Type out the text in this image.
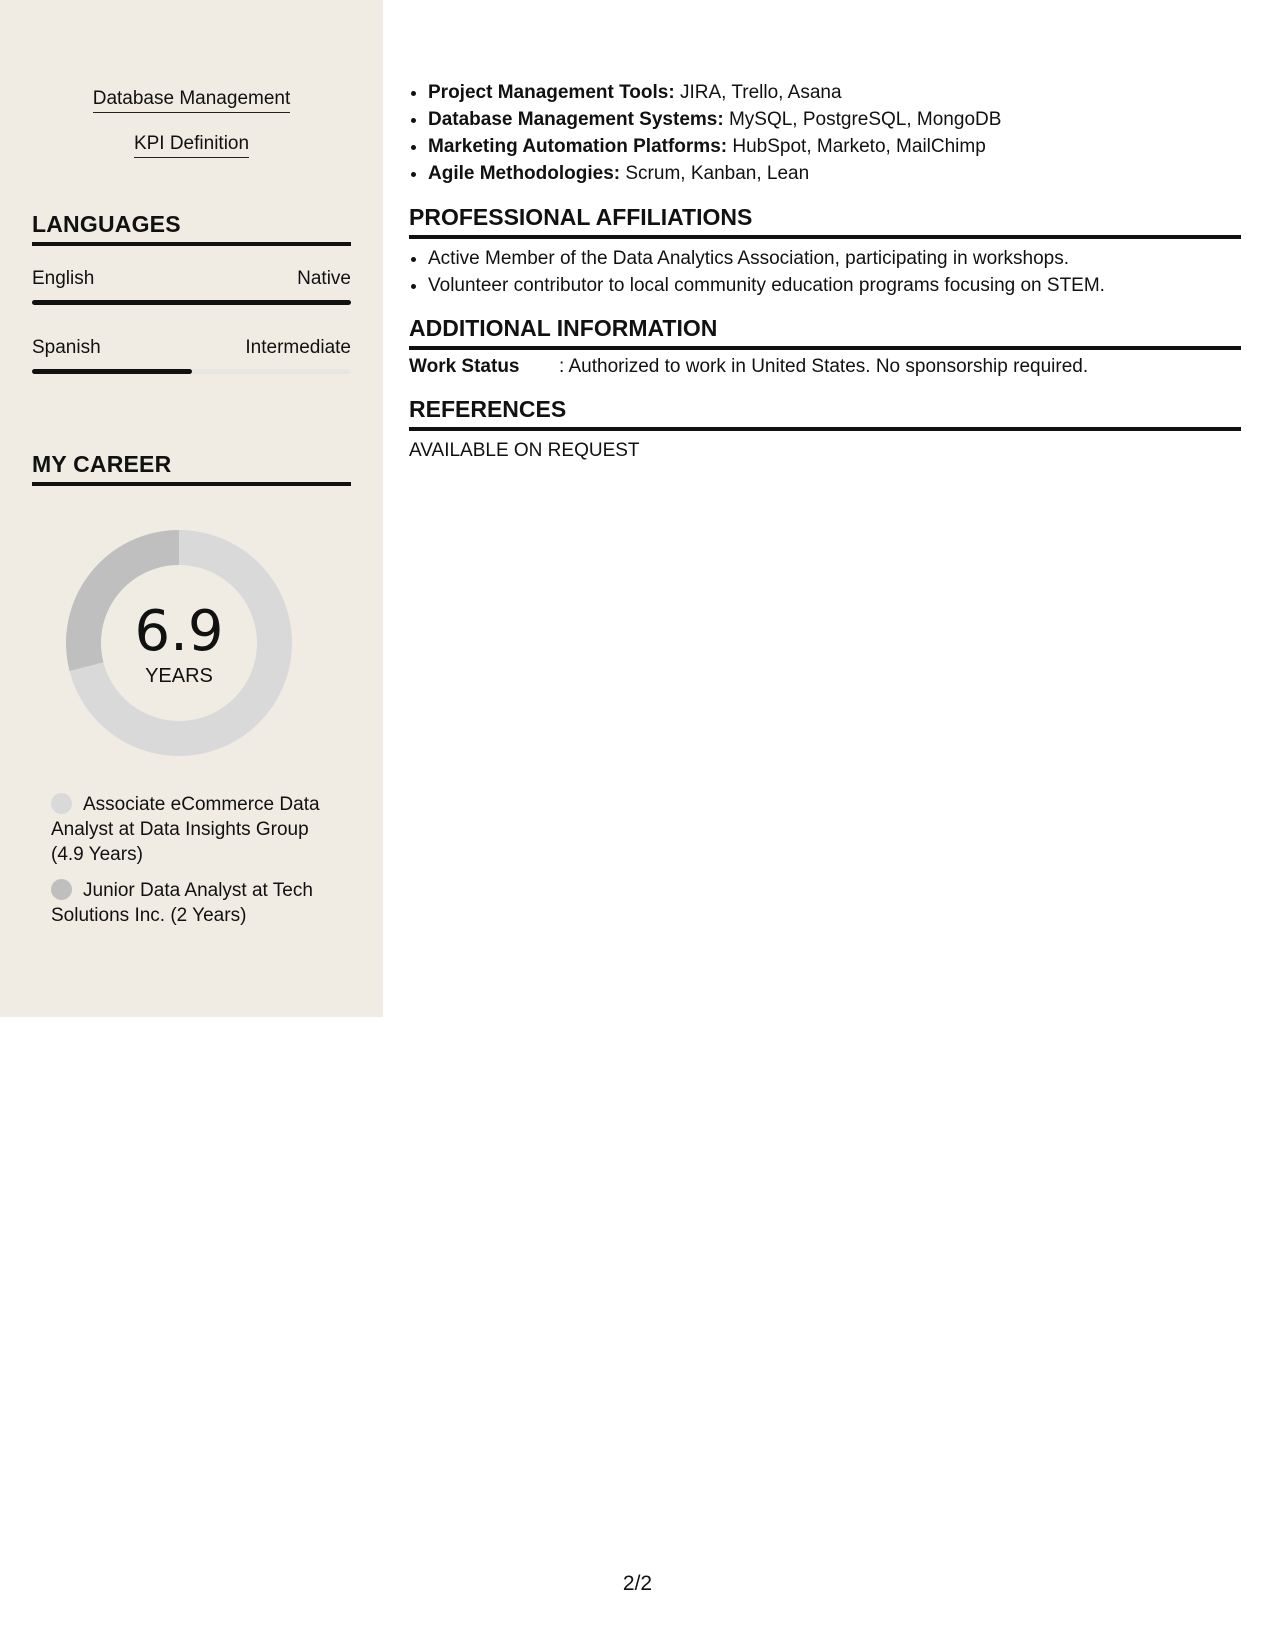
Database Management
KPI Definition
LANGUAGES
English	Native
Spanish	Intermediate
MY CAREER
6.9
YEARS
Associate eCommerce Data Analyst at Data Insights Group (4.9 Years)
Junior Data Analyst at Tech Solutions Inc. (2 Years)
• Project Management Tools: JIRA, Trello, Asana
• Database Management Systems: MySQL, PostgreSQL, MongoDB
• Marketing Automation Platforms: HubSpot, Marketo, MailChimp
• Agile Methodologies: Scrum, Kanban, Lean
PROFESSIONAL AFFILIATIONS
• Active Member of the Data Analytics Association, participating in workshops.
• Volunteer contributor to local community education programs focusing on STEM.
ADDITIONAL INFORMATION
Work Status : Authorized to work in United States. No sponsorship required.
REFERENCES
AVAILABLE ON REQUEST
2/2
